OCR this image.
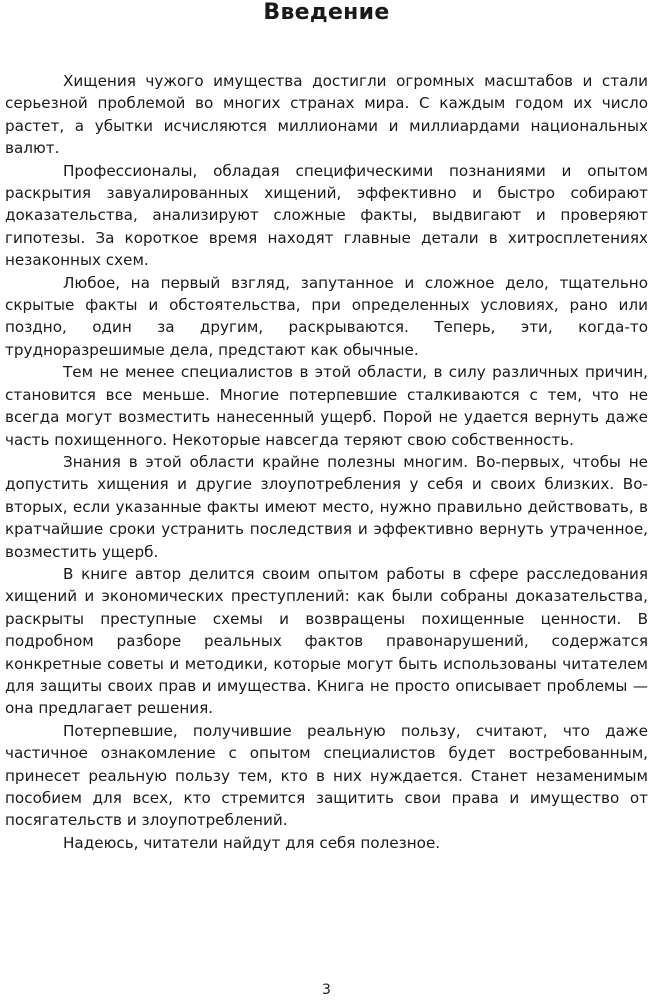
Введение

Хищения чужого имущества достигли огромных масштабов и стали серьезной проблемой во многих странах мира. С каждым годом их число растет, а убытки исчисляются миллионами и миллиардами национальных валют.

Профессионалы, обладая специфическими познаниями и опытом раскрытия завуалированных хищений, эффективно и быстро собирают доказательства, анализируют сложные факты, выдвигают и проверяют гипотезы. За короткое время находят главные детали в хитросплетениях незаконных схем.

Любое, на первый взгляд, запутанное и сложное дело, тщательно скрытые факты и обстоятельства, при определенных условиях, рано или поздно, один за другим, раскрываются. Теперь, эти, когда-то трудноразрешимые дела, предстают как обычные.

Тем не менее специалистов в этой области, в силу различных причин, становится все меньше. Многие потерпевшие сталкиваются с тем, что не всегда могут возместить нанесенный ущерб. Порой не удается вернуть даже часть похищенного. Некоторые навсегда теряют свою собственность.

Знания в этой области крайне полезны многим. Во-первых, чтобы не допустить хищения и другие злоупотребления у себя и своих близких. Во-вторых, если указанные факты имеют место, нужно правильно действовать, в кратчайшие сроки устранить последствия и эффективно вернуть утраченное, возместить ущерб.

В книге автор делится своим опытом работы в сфере расследования хищений и экономических преступлений: как были собраны доказательства, раскрыты преступные схемы и возвращены похищенные ценности. В подробном разборе реальных фактов правонарушений, содержатся конкретные советы и методики, которые могут быть использованы читателем для защиты своих прав и имущества. Книга не просто описывает проблемы — она предлагает решения.

Потерпевшие, получившие реальную пользу, считают, что даже частичное ознакомление с опытом специалистов будет востребованным, принесет реальную пользу тем, кто в них нуждается. Станет незаменимым пособием для всех, кто стремится защитить свои права и имущество от посягательств и злоупотреблений.

Надеюсь, читатели найдут для себя полезное.

3
